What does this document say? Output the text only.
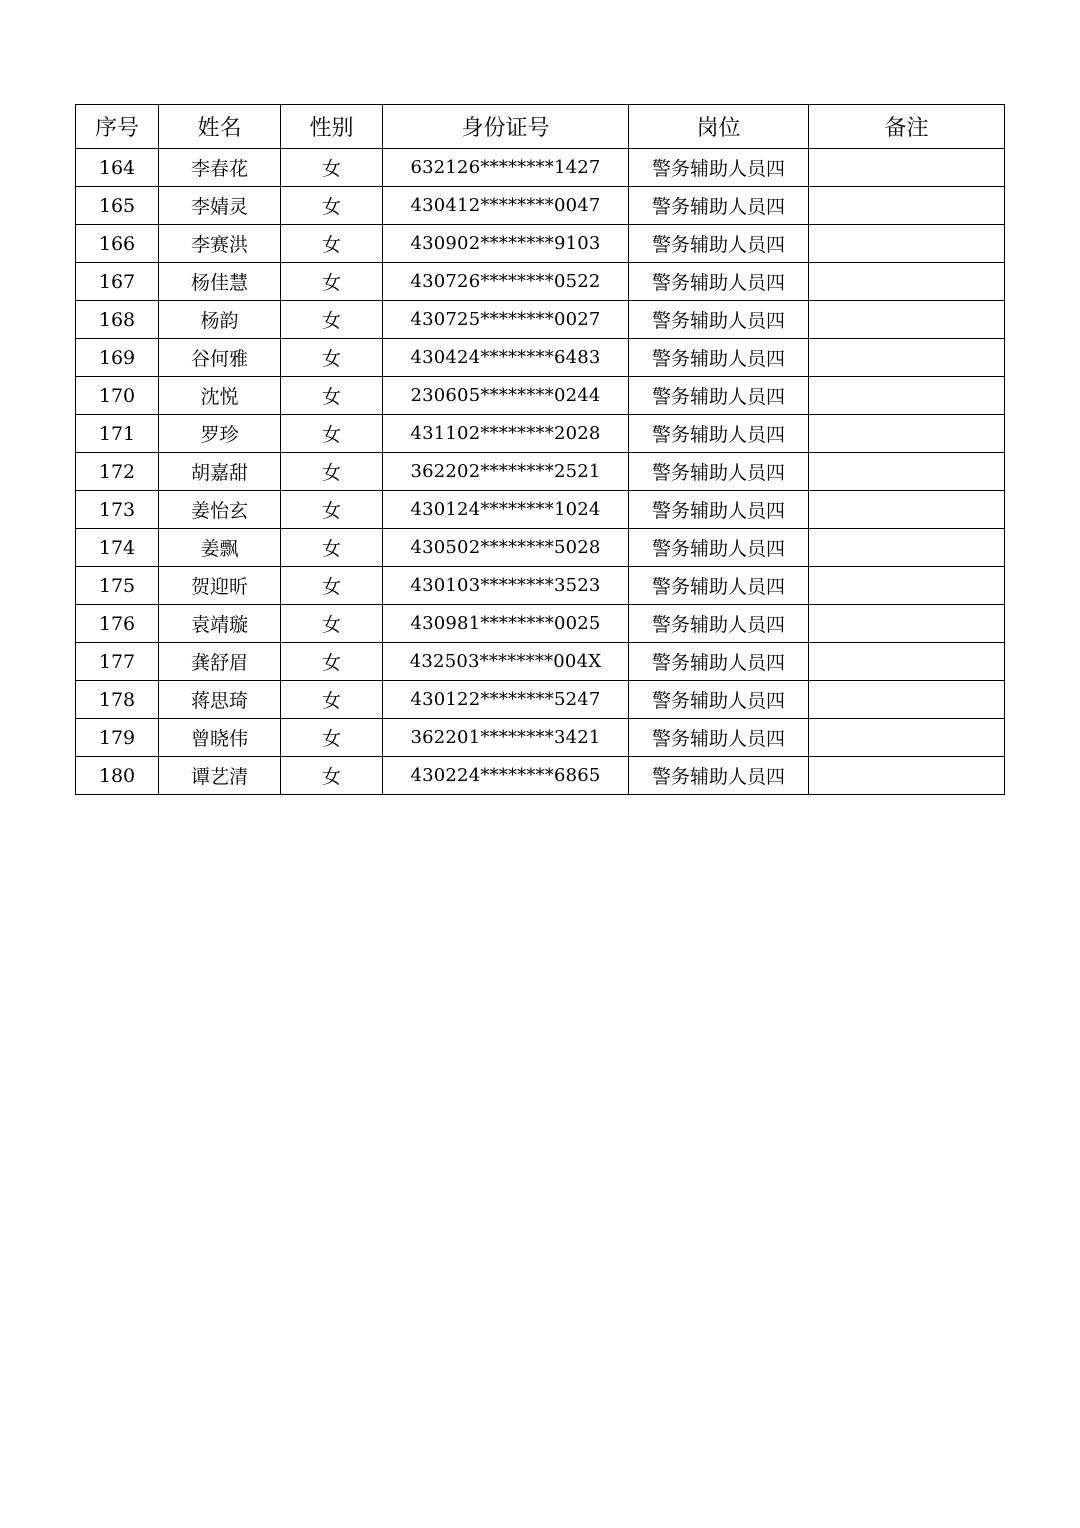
序号	姓名	性别	身份证号	岗位	备注
164	李春花	女	632126********1427	警务辅助人员四	
165	李婧灵	女	430412********0047	警务辅助人员四	
166	李赛洪	女	430902********9103	警务辅助人员四	
167	杨佳慧	女	430726********0522	警务辅助人员四	
168	杨韵	女	430725********0027	警务辅助人员四	
169	谷何雅	女	430424********6483	警务辅助人员四	
170	沈悦	女	230605********0244	警务辅助人员四	
171	罗珍	女	431102********2028	警务辅助人员四	
172	胡嘉甜	女	362202********2521	警务辅助人员四	
173	姜怡玄	女	430124********1024	警务辅助人员四	
174	姜飘	女	430502********5028	警务辅助人员四	
175	贺迎昕	女	430103********3523	警务辅助人员四	
176	袁靖璇	女	430981********0025	警务辅助人员四	
177	龚舒眉	女	432503********004X	警务辅助人员四	
178	蒋思琦	女	430122********5247	警务辅助人员四	
179	曾晓伟	女	362201********3421	警务辅助人员四	
180	谭艺清	女	430224********6865	警务辅助人员四	
